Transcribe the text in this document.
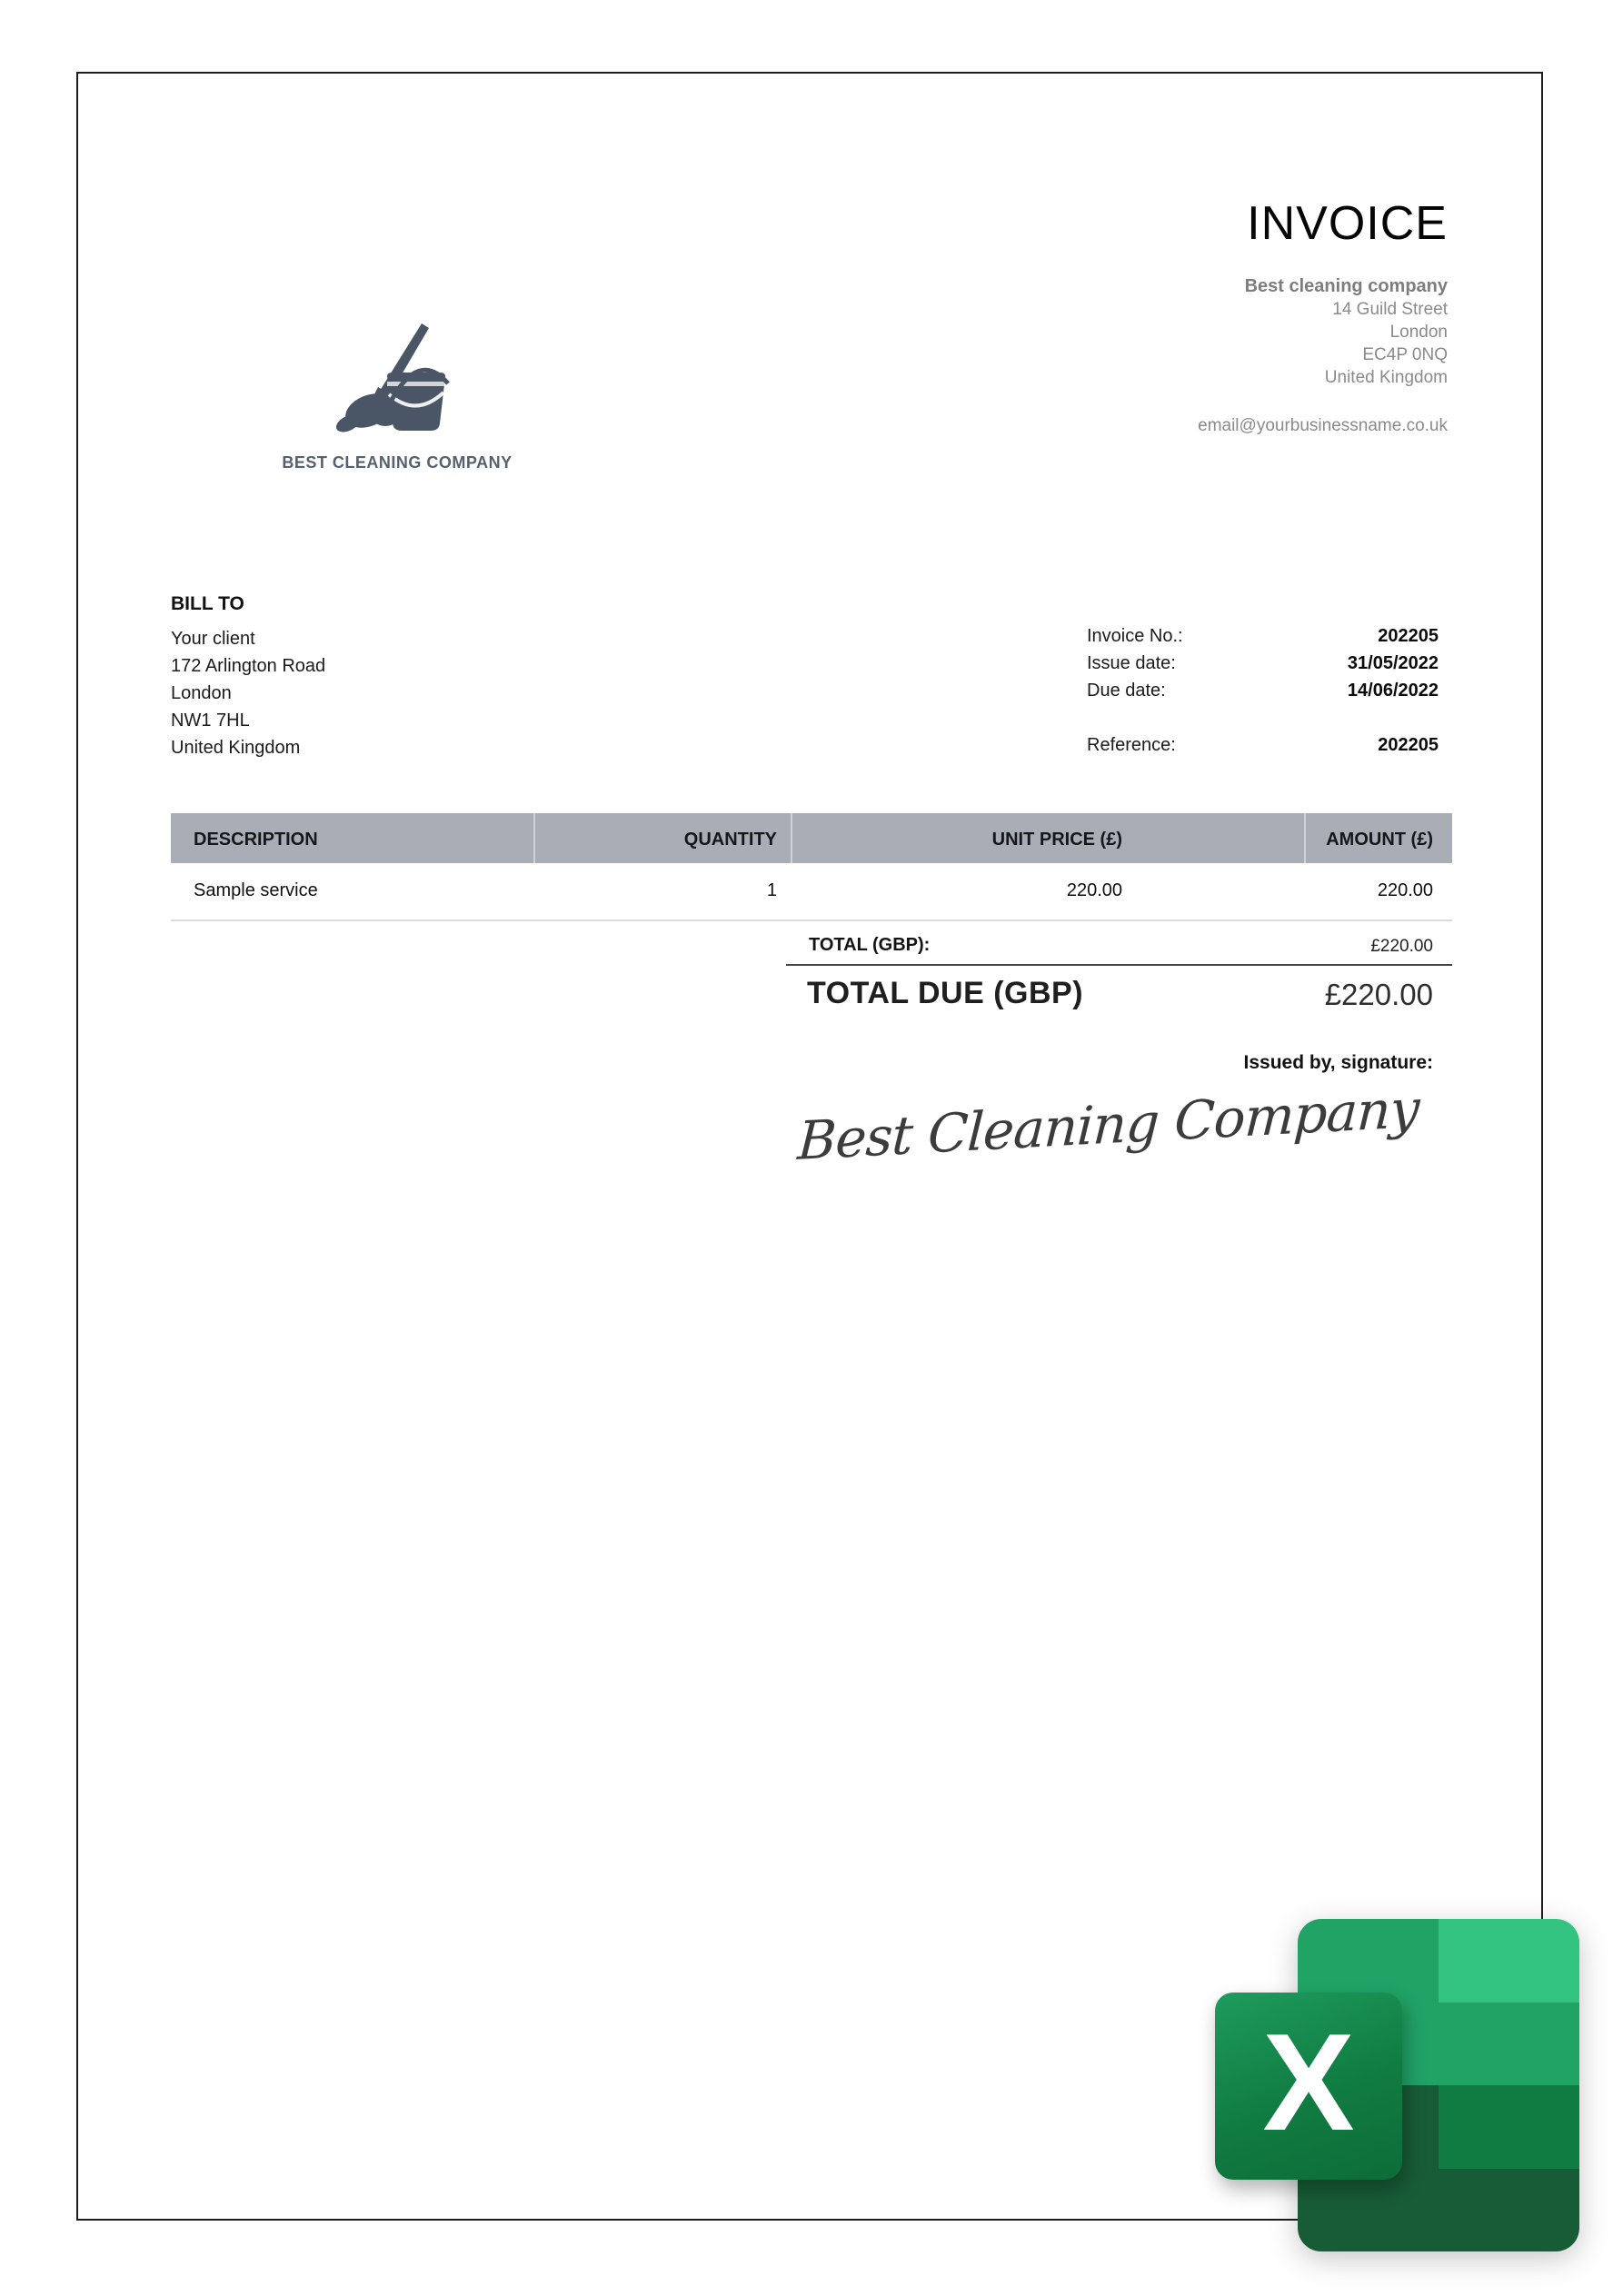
INVOICE
Best cleaning company
14 Guild Street
London
EC4P 0NQ
United Kingdom
email@yourbusinessname.co.uk
BEST CLEANING COMPANY
BILL TO
Your client
172 Arlington Road
London
NW1 7HL
United Kingdom
Invoice No.:	202205
Issue date:	31/05/2022
Due date:	14/06/2022
Reference:	202205
DESCRIPTION	QUANTITY	UNIT PRICE (£)	AMOUNT (£)
Sample service	1	220.00	220.00
TOTAL (GBP):	£220.00
TOTAL DUE (GBP)	£220.00
Issued by, signature:
Best Cleaning Company
X
